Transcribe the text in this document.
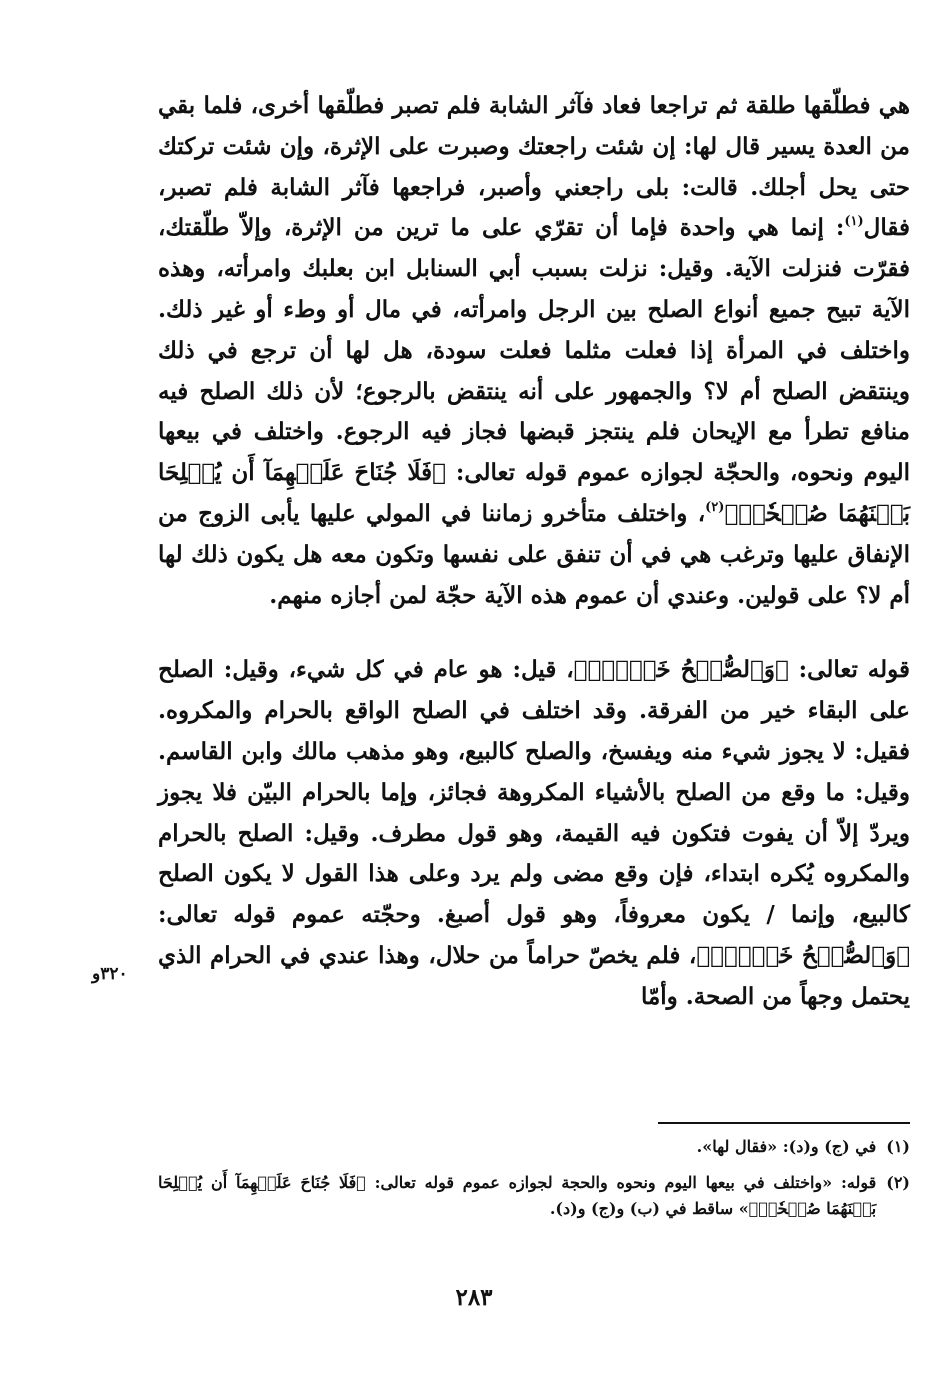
هي فطلّقها طلقة ثم تراجعا فعاد فآثر الشابة فلم تصبر فطلّقها أخرى، فلما بقي من العدة يسير قال لها: إن شئت راجعتك وصبرت على الإثرة، وإن شئت تركتك حتى يحل أجلك. قالت: بلى راجعني وأصبر، فراجعها فآثر الشابة فلم تصبر، فقال$^{(١)}$: إنما هي واحدة فإما أن تقرّي على ما ترين من الإثرة، وإلاّ طلّقتك، فقرّت فنزلت الآية. وقيل: نزلت بسبب أبي السنابل ابن بعلبك وامرأته، وهذه الآية تبيح جميع أنواع الصلح بين الرجل وامرأته، في مال أو وطء أو غير ذلك. واختلف في المرأة إذا فعلت مثلما فعلت سودة، هل لها أن ترجع في ذلك وينتقض الصلح أم لا؟ والجمهور على أنه ينتقض بالرجوع؛ لأن ذلك الصلح فيه منافع تطرأ مع الإيحان فلم ينتجز قبضها فجاز فيه الرجوع. واختلف في بيعها اليوم ونحوه، والحجّة لجوازه عموم قوله تعالى: ﴿فَلَا جُنَاحَ عَلَيۡهِمَآ أَن يُصۡلِحَا بَيۡنَهُمَا صُلۡحٗاۚ﴾$^{(٢)}$، واختلف متأخرو زماننا في المولي عليها يأبى الزوج من الإنفاق عليها وترغب هي في أن تنفق على نفسها وتكون معه هل يكون ذلك لها أم لا؟ على قولين. وعندي أن عموم هذه الآية حجّة لمن أجازه منهم.

قوله تعالى: ﴿وَٱلصُّلۡحُ خَيۡرٞۗ﴾، قيل: هو عام في كل شيء، وقيل: الصلح على البقاء خير من الفرقة. وقد اختلف في الصلح الواقع بالحرام والمكروه. فقيل: لا يجوز شيء منه ويفسخ، والصلح كالبيع، وهو مذهب مالك وابن القاسم. وقيل: ما وقع من الصلح بالأشياء المكروهة فجائز، وإما بالحرام البيّن فلا يجوز ويردّ إلاّ أن يفوت فتكون فيه القيمة، وهو قول مطرف. وقيل: الصلح بالحرام والمكروه يُكره ابتداء، فإن وقع مضى ولم يرد وعلى هذا القول لا يكون الصلح كالبيع، وإنما / يكون معروفاً، وهو قول أصبغ. وحجّته عموم قوله تعالى: ﴿وَٱلصُّلۡحُ خَيۡرٞۗ﴾، فلم يخصّ حراماً من حلال، وهذا عندي في الحرام الذي يحتمل وجهاً من الصحة. وأمّا

٣٢٠و

(١)
في (ج) و(د): «فقال لها».

(٢)
قوله: «واختلف في بيعها اليوم ونحوه والحجة لجوازه عموم قوله تعالى: ﴿فَلَا جُنَاحَ عَلَيۡهِمَآ أَن يُصۡلِحَا بَيۡنَهُمَا صُلۡحٗاۚ﴾» ساقط في (ب) و(ج) و(د).

٢٨٣
